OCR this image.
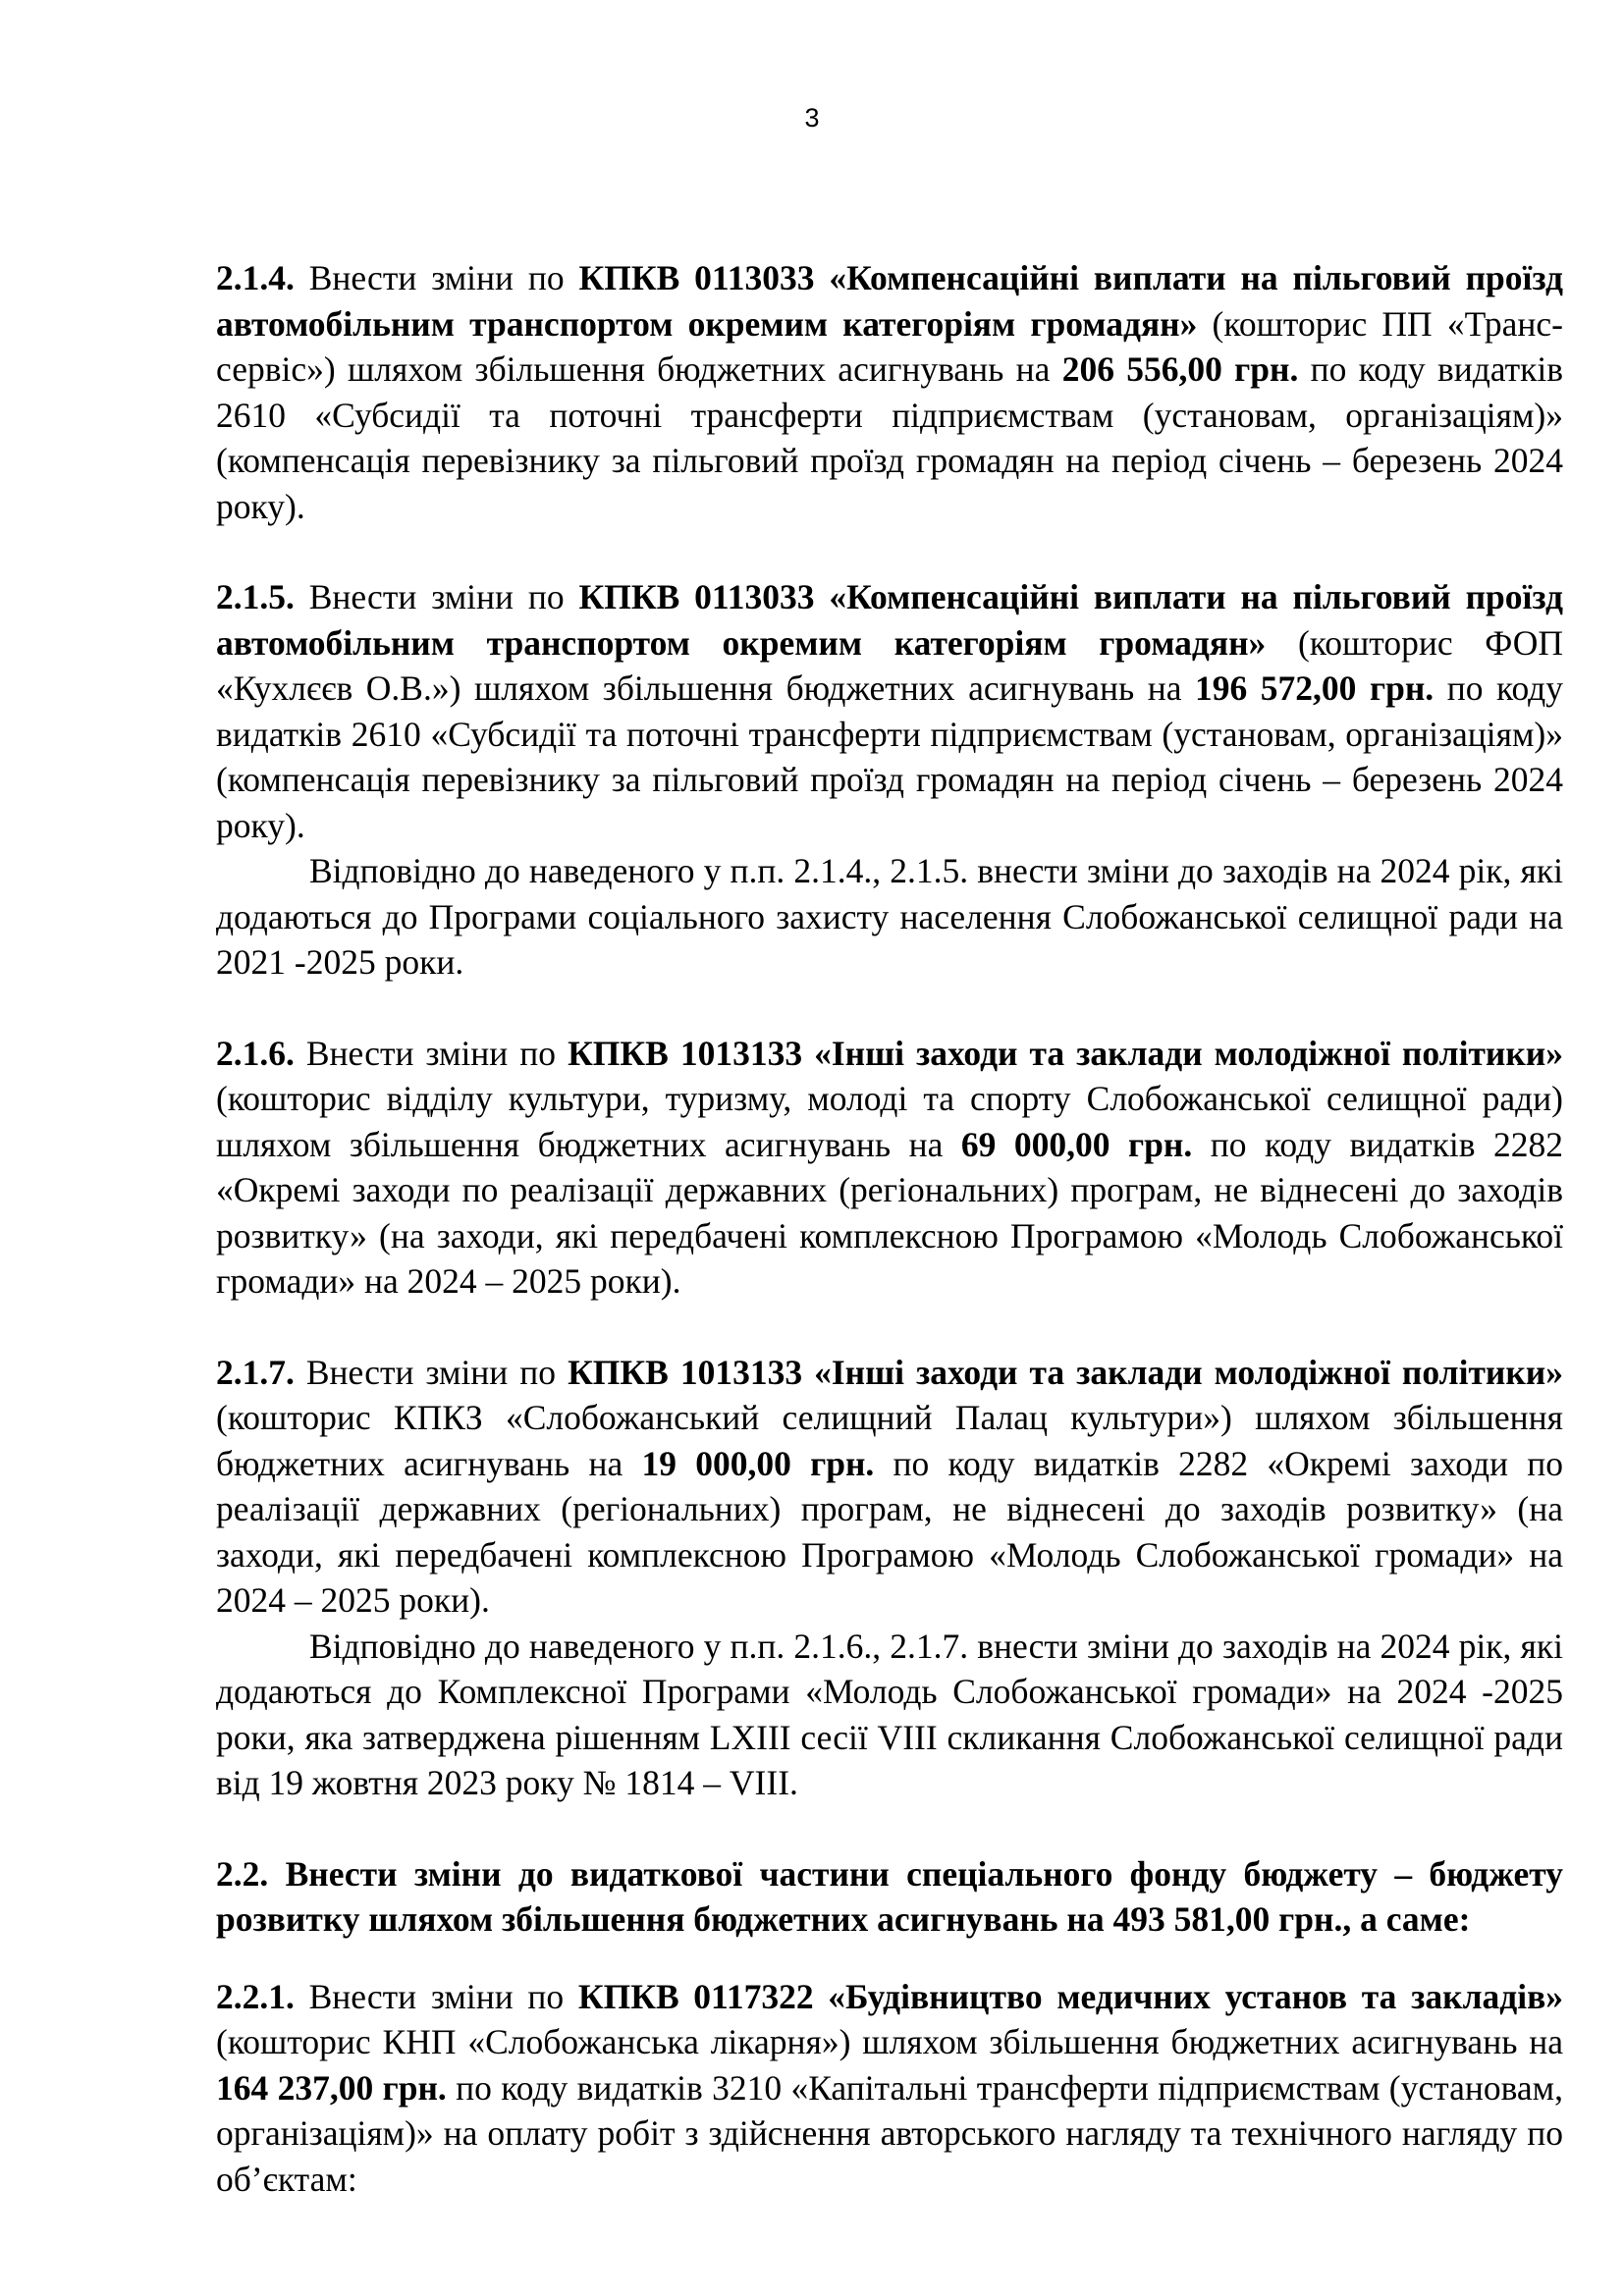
3

2.1.4. Внести зміни по КПКВ 0113033 «Компенсаційні виплати на пільговий проїзд автомобільним транспортом окремим категоріям громадян» (кошторис ПП «Транс-сервіс») шляхом збільшення бюджетних асигнувань на 206 556,00 грн. по коду видатків 2610 «Субсидії та поточні трансферти підприємствам (установам, організаціям)» (компенсація перевізнику за пільговий проїзд громадян на період січень – березень 2024 року).

2.1.5. Внести зміни по КПКВ 0113033 «Компенсаційні виплати на пільговий проїзд автомобільним транспортом окремим категоріям громадян» (кошторис ФОП «Кухлєєв О.В.») шляхом збільшення бюджетних асигнувань на 196 572,00 грн. по коду видатків 2610 «Субсидії та поточні трансферти підприємствам (установам, організаціям)» (компенсація перевізнику за пільговий проїзд громадян на період січень – березень 2024 року).

Відповідно до наведеного у п.п. 2.1.4., 2.1.5. внести зміни до заходів на 2024 рік, які додаються до Програми соціального захисту населення Слобожанської селищної ради на 2021 -2025 роки.

2.1.6. Внести зміни по КПКВ 1013133 «Інші заходи та заклади молодіжної політики» (кошторис відділу культури, туризму, молоді та спорту Слобожанської селищної ради) шляхом збільшення бюджетних асигнувань на 69 000,00 грн. по коду видатків 2282 «Окремі заходи по реалізації державних (регіональних) програм, не віднесені до заходів розвитку» (на заходи, які передбачені комплексною Програмою «Молодь Слобожанської громади» на 2024 – 2025 роки).

2.1.7. Внести зміни по КПКВ 1013133 «Інші заходи та заклади молодіжної політики» (кошторис КПКЗ «Слобожанський селищний Палац культури») шляхом збільшення бюджетних асигнувань на 19 000,00 грн. по коду видатків 2282 «Окремі заходи по реалізації державних (регіональних) програм, не віднесені до заходів розвитку» (на заходи, які передбачені комплексною Програмою «Молодь Слобожанської громади» на 2024 – 2025 роки).

Відповідно до наведеного у п.п. 2.1.6., 2.1.7. внести зміни до заходів на 2024 рік, які додаються до Комплексної Програми «Молодь Слобожанської громади» на 2024 -2025 роки, яка затверджена рішенням LXIII сесії VIII скликання Слобожанської селищної ради від 19 жовтня 2023 року № 1814 – VIII.

2.2. Внести зміни до видаткової частини спеціального фонду бюджету – бюджету розвитку шляхом збільшення бюджетних асигнувань на 493 581,00 грн., а саме:

2.2.1. Внести зміни по КПКВ 0117322 «Будівництво медичних установ та закладів» (кошторис КНП «Слобожанська лікарня») шляхом збільшення бюджетних асигнувань на 164 237,00 грн. по коду видатків 3210 «Капітальні трансферти підприємствам (установам, організаціям)» на оплату робіт з здійснення авторського нагляду та технічного нагляду по об’єктам:
